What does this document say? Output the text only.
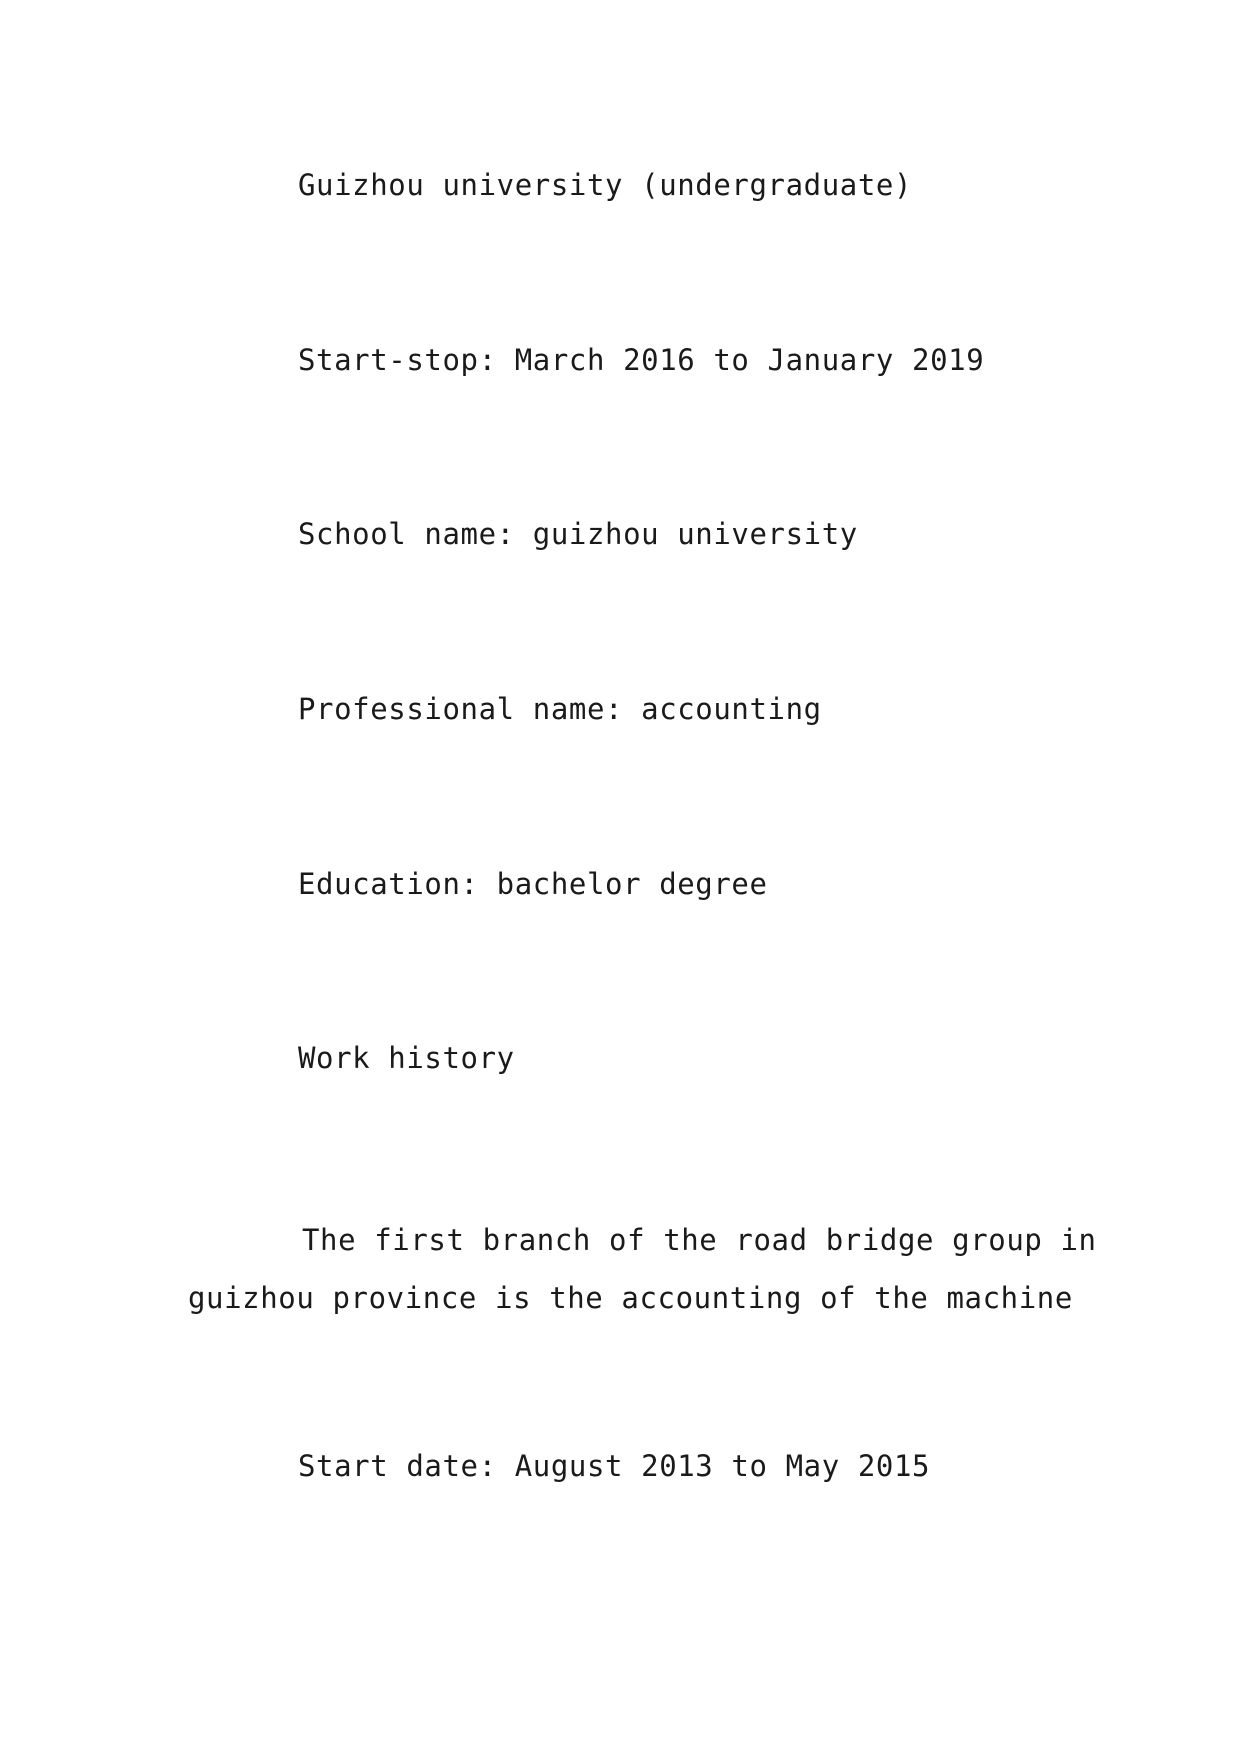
Guizhou university (undergraduate)
Start-stop: March 2016 to January 2019
School name: guizhou university
Professional name: accounting
Education: bachelor degree
Work history
The first branch of the road bridge group in
guizhou province is the accounting of the machine
Start date: August 2013 to May 2015
